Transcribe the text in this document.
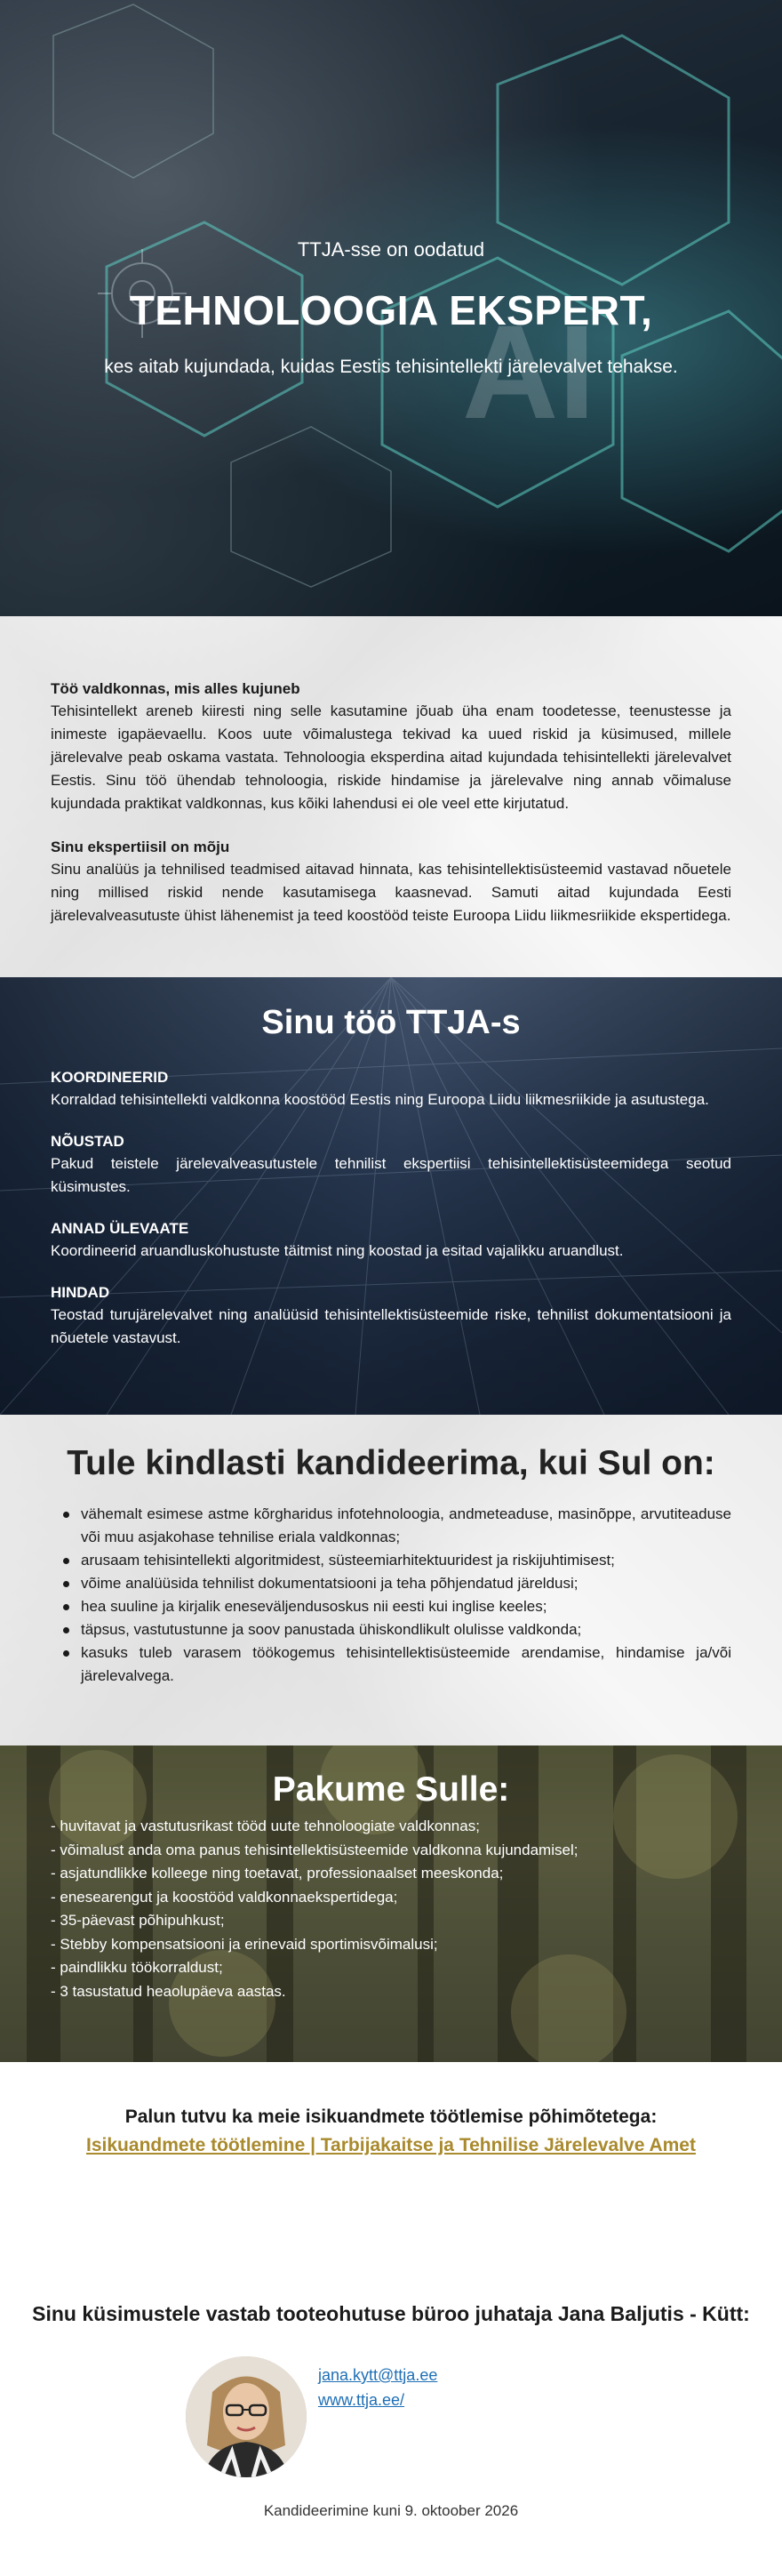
AI
TTJA-sse on oodatud
TEHNOLOOGIA EKSPERT,
kes aitab kujundada, kuidas Eestis tehisintellekti järelevalvet tehakse.
Töö valdkonnas, mis alles kujuneb

Tehisintellekt areneb kiiresti ning selle kasutamine jõuab üha enam toodetesse, teenustesse ja inimeste igapäevaellu. Koos uute võimalustega tekivad ka uued riskid ja küsimused, millele järelevalve peab oskama vastata. Tehnoloogia eksperdina aitad kujundada tehisintellekti järelevalvet Eestis. Sinu töö ühendab tehnoloogia, riskide hindamise ja järelevalve ning annab võimaluse kujundada praktikat valdkonnas, kus kõiki lahendusi ei ole veel ette kirjutatud.

Sinu ekspertiisil on mõju

Sinu analüüs ja tehnilised teadmised aitavad hinnata, kas tehisintellektisüsteemid vastavad nõuetele ning millised riskid nende kasutamisega kaasnevad. Samuti aitad kujundada Eesti järelevalveasutuste ühist lähenemist ja teed koostööd teiste Euroopa Liidu liikmesriikide ekspertidega.

Sinu töö TTJA-s
KOORDINEERID

Korraldad tehisintellekti valdkonna koostööd Eestis ning Euroopa Liidu liikmesriikide ja asutustega.

NÕUSTAD

Pakud teistele järelevalveasutustele tehnilist ekspertiisi tehisintellektisüsteemidega seotud küsimustes.

ANNAD ÜLEVAATE

Koordineerid aruandluskohustuste täitmist ning koostad ja esitad vajalikku aruandlust.

HINDAD

Teostad turujärelevalvet ning analüüsid tehisintellektisüsteemide riske, tehnilist dokumentatsiooni ja nõuetele vastavust.

Tule kindlasti kandideerima, kui Sul on:
vähemalt esimese astme kõrgharidus infotehnoloogia, andmeteaduse, masinõppe, arvutiteaduse või muu asjakohase tehnilise eriala valdkonnas;
arusaam tehisintellekti algoritmidest, süsteemiarhitektuuridest ja riskijuhtimisest;
võime analüüsida tehnilist dokumentatsiooni ja teha põhjendatud järeldusi;
hea suuline ja kirjalik eneseväljendusoskus nii eesti kui inglise keeles;
täpsus, vastutustunne ja soov panustada ühiskondlikult olulisse valdkonda;
kasuks tuleb varasem töökogemus tehisintellektisüsteemide arendamise, hindamise ja/või järelevalvega.
Pakume Sulle:
- huvitavat ja vastutusrikast tööd uute tehnoloogiate valdkonnas;
- võimalust anda oma panus tehisintellektisüsteemide valdkonna kujundamisel;
- asjatundlikke kolleege ning toetavat, professionaalset meeskonda;
- enesearengut ja koostööd valdkonnaekspertidega;
- 35-päevast põhipuhkust;
- Stebby kompensatsiooni ja erinevaid sportimisvõimalusi;
- paindlikku töökorraldust;
- 3 tasustatud heaolupäeva aastas.
Palun tutvu ka meie isikuandmete töötlemise põhimõtetega:
Isikuandmete töötlemine | Tarbijakaitse ja Tehnilise Järelevalve Amet
Sinu küsimustele vastab tooteohutuse büroo juhataja Jana Baljutis - Kütt:
jana.kytt@ttja.ee
www.ttja.ee/
Kandideerimine kuni 9. oktoober 2026
